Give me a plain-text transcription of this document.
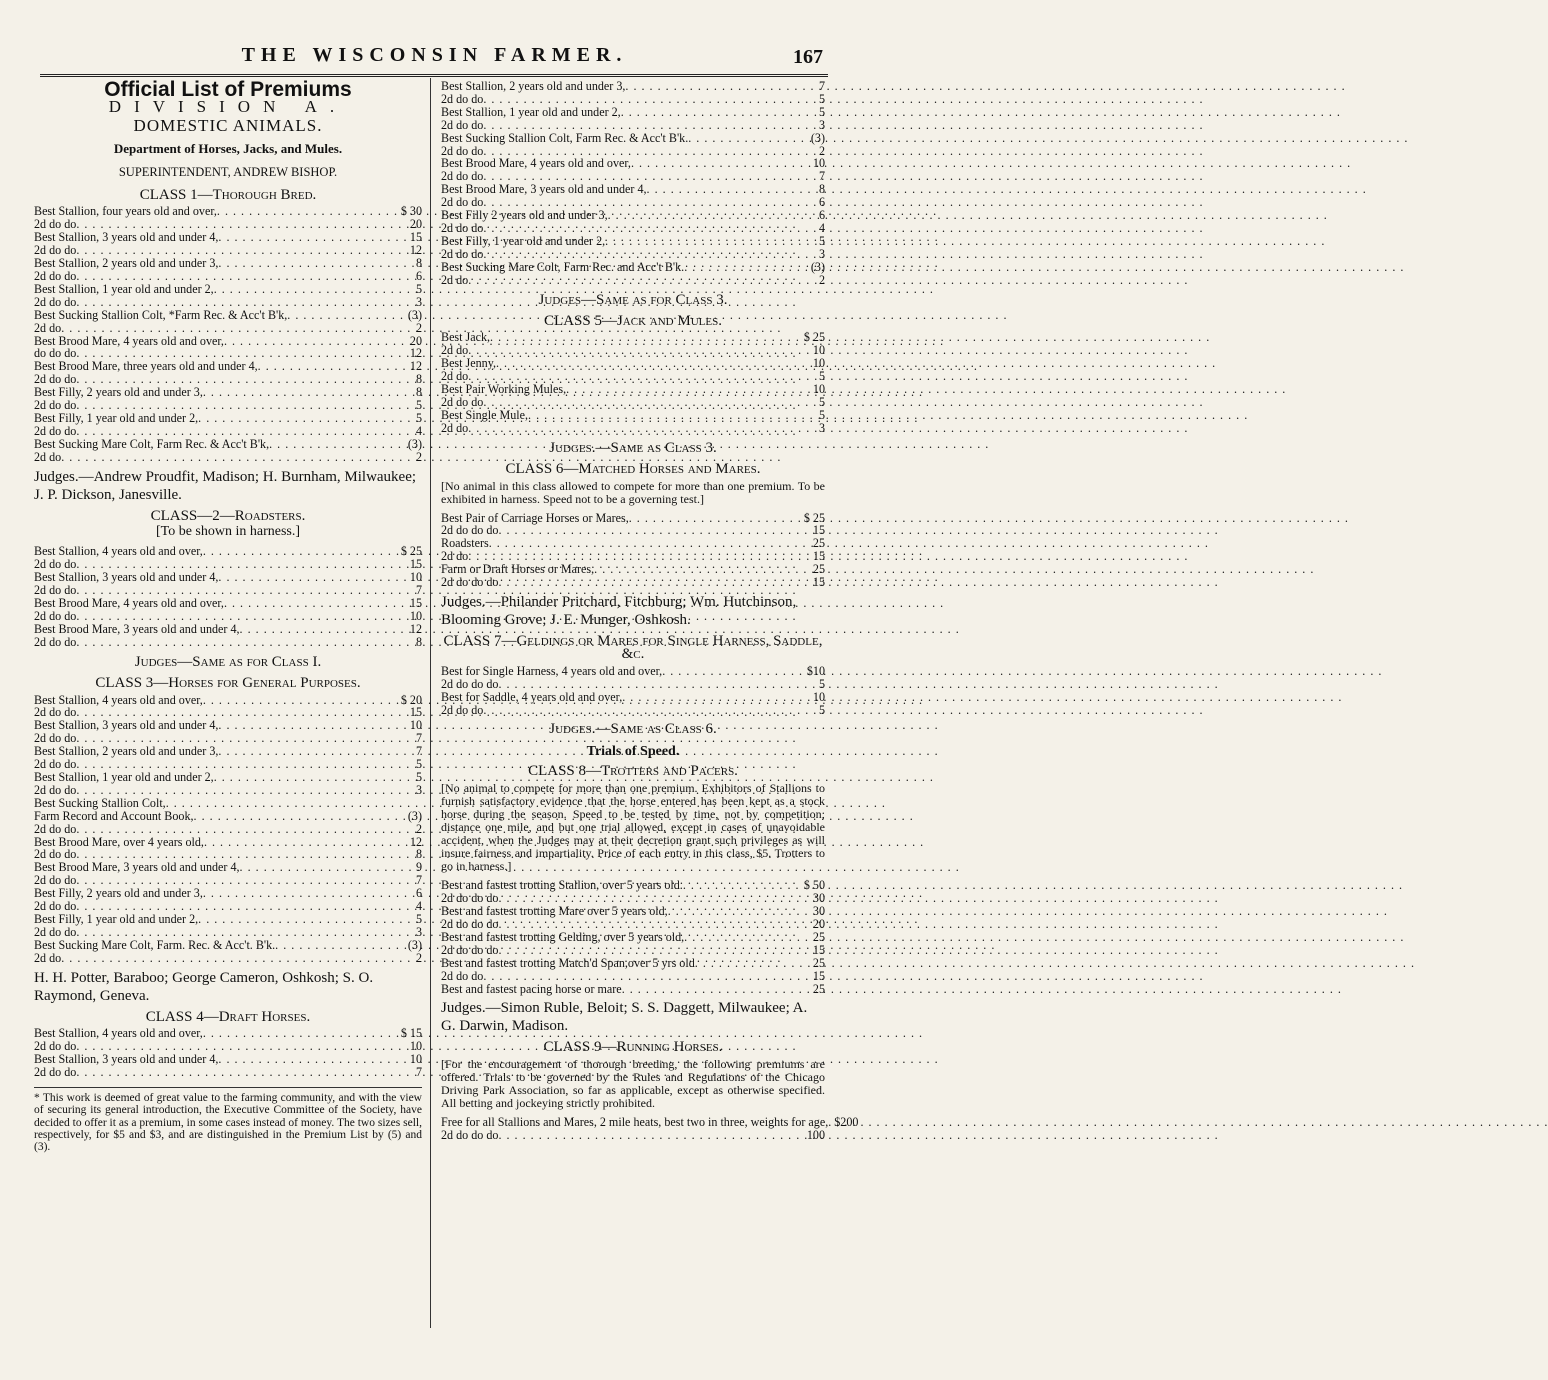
THE WISCONSIN FARMER.	167
Official List of Premiums
DIVISION A.
DOMESTIC ANIMALS.
Department of Horses, Jacks, and Mules.
SUPERINTENDENT, ANDREW BISHOP.
CLASS 1—Thorough Bred.
Best Stallion, four years old and over, . . .	$ 30
2d do do . . .	20
Best Stallion, 3 years old and under 4, . . .	15
2d do do . . .	12
Best Stallion, 2 years old and under 3, . . .	8
2d do do . . .	6
Best Stallion, 1 year old and under 2, . . .	5
2d do do . . .	3
Best Sucking Stallion Colt, *Farm Rec. & Acc't B'k, . . .	(3)
2d do . . .	2
Best Brood Mare, 4 years old and over, . . .	20
do do do . . .	12
Best Brood Mare, three years old and under 4, . . .	12
2d do do . . .	8
Best Filly, 2 years old and under 3, . . .	8
2d do do . . .	5
Best Filly, 1 year old and under 2, . . .	5
2d do do . . .	4
Best Sucking Mare Colt, Farm Rec. & Acc't B'k, . . .	(3)
2d do . . .	2
Judges.—Andrew Proudfit, Madison; H. Burnham, Milwaukee; J. P. Dickson, Janesville.
CLASS—2—Roadsters.
[To be shown in harness.]
Best Stallion, 4 years old and over, . . .	$ 25
2d do do . . .	15
Best Stallion, 3 years old and under 4, . . .	10
2d do do . . .	7
Best Brood Mare, 4 years old and over, . . .	15
2d do do . . .	10
Best Brood Mare, 3 years old and under 4, . . .	12
2d do do . . .	8
Judges—Same as for Class I.
CLASS 3—Horses for General Purposes.
Best Stallion, 4 years old and over, . . .	$ 20
2d do do . . .	15
Best Stallion, 3 years old and under 4, . . .	10
2d do do . . .	7
Best Stallion, 2 years old and under 3, . . .	7
2d do do . . .	5
Best Stallion, 1 year old and under 2, . . .	5
2d do do . . .	3
Best Sucking Stallion Colt,
. . .
Farm Record and Account Book, . . .	(3)
2d do do . . .	2
Best Brood Mare, over 4 years old, . . .	12
2d do do . . .	8
Best Brood Mare, 3 years old and under 4, . . .	9
2d do do . . .	7
Best Filly, 2 years old and under 3, . . .	6
2d do do . . .	4
Best Filly, 1 year old and under 2, . . .	5
2d do do . . .	3
Best Sucking Mare Colt, Farm. Rec. & Acc't. B'k. . . .	(3)
2d do . . .	2
H. H. Potter, Baraboo; George Cameron, Oshkosh; S. O. Raymond, Geneva.
CLASS 4—Draft Horses.
Best Stallion, 4 years old and over, . . .	$ 15
2d do do . . .	10
Best Stallion, 3 years old and under 4, . . .	10
2d do do . . .	7
* This work is deemed of great value to the farming community, and with the view of securing its general introduction, the Executive Committee of the Society, have decided to offer it as a premium, in some cases instead of money. The two sizes sell, respectively, for $5 and $3, and are distinguished in the Premium List by (5) and (3).
Best Stallion, 2 years old and under 3, . . .	7
2d do do . . .	5
Best Stallion, 1 year old and under 2, . . .	5
2d do do . . .	3
Best Sucking Stallion Colt, Farm Rec. & Acc't B'k. . . .	(3)
2d do do . . .	2
Best Brood Mare, 4 years old and over, . . .	10
2d do do . . .	7
Best Brood Mare, 3 years old and under 4, . . .	8
2d do do . . .	6
Best Filly 2 years old and under 3, . . .	6
2d do do . . .	4
Best Filly, 1 year old and under 2, . . .	5
2d do do . . .	3
Best Sucking Mare Colt, Farm Rec. and Acc't B'k. . . .	(3)
2d do . . .	2
Judges—Same as for Class 3.
CLASS 5—Jack and Mules.
Best Jack, . . .	$ 25
2d do . . .	10
Best Jenny, . . .	10
2d do . . .	5
Best Pair Working Mules, . . .	10
2d do do . . .	5
Best Single Mule, . . .	5
2d do . . .	3
Judges.—Same as Class 3.
CLASS 6—Matched Horses and Mares.
[No animal in this class allowed to compete for more than one premium. To be exhibited in harness. Speed not to be a governing test.]
Best Pair of Carriage Horses or Mares, . . .	$ 25
2d do do do . . .	15
Roadsters . . .	25
2d do . . .	15
Farm or Draft Horses or Mares, . . .	25
2d do do do . . .	15
Judges.—Philander Pritchard, Fitchburg; Wm. Hutchinson, Blooming Grove; J. E. Munger, Oshkosh.
CLASS 7—Geldings or Mares for Single Harness, Saddle, &c.
Best for Single Harness, 4 years old and over, . . .	$10
2d do do do . . .	5
Best for Saddle, 4 years old and over, . . .	10
2d do do . . .	5
Judges.—Same as Class 6.
Trials of Speed.
CLASS 8—Trotters and Pacers.
[No animal to compete for more than one premium. Exhibitors of Stallions to furnish satisfactory evidence that the horse entered has been kept as a stock horse during the season. Speed to be tested by time, not by competition; distance one mile, and but one trial allowed, except in cases of unavoidable accident, when the Judges may at their decretion grant such privileges as will insure fairness and impartiality. Price of each entry in this class, $5. Trotters to go in harness.]
Best and fastest trotting Stallion, over 5 years old. . . .	$ 50
2d do do do . . .	30
Best and fastest trotting Mare over 5 years old, . . .	30
2d do do do . . .	20
Best and fastest trotting Gelding, over 5 years old, . . .	25
2d do do do . . .	15
Best and fastest trotting Match'd Span,over 5 yrs old . . .	25
2d do do . . .	15
Best and fastest pacing horse or mare . . .	25
Judges.—Simon Ruble, Beloit; S. S. Daggett, Milwaukee; A. G. Darwin, Madison.
CLASS 9—Running Horses.
[For the encouragement of thorough breeding, the following premiums are offered. Trials to be governed by the Rules and Regulations of the Chicago Driving Park Association, so far as applicable, except as otherwise specified. All betting and jockeying strictly prohibited.
Free for all Stallions and Mares, 2 mile heats, best two in three, weights for age, . . . $200
2d do do do . . .	100
